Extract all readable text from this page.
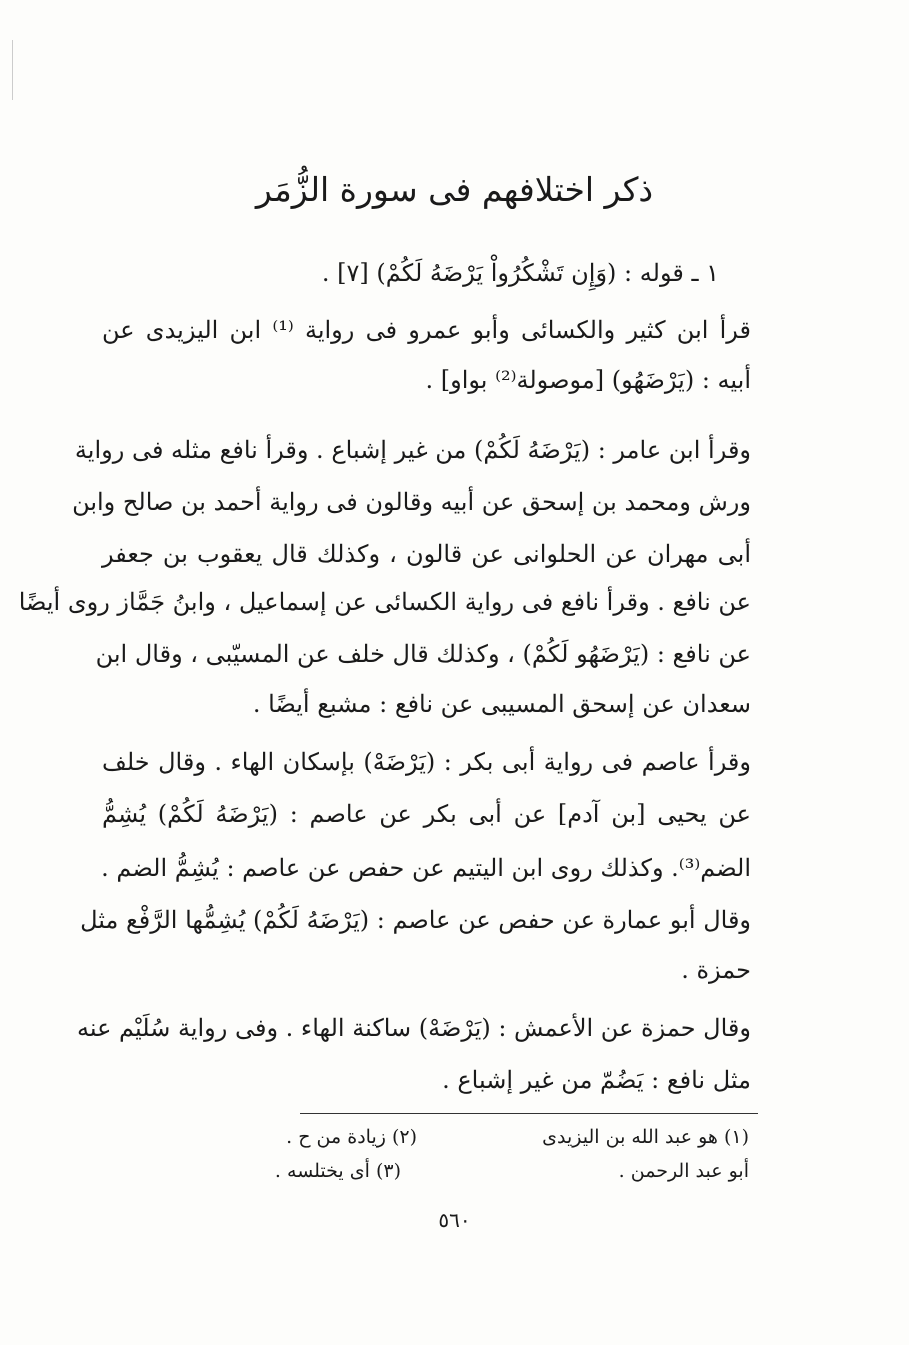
ذكر اختلافهم فى سورة الزُّمَر
١ ـ قوله : (وَإِن تَشْكُرُواْ يَرْضَهُ لَكُمْ) [٧] .
قرأ ابن كثير والكسائى وأبو عمرو فى رواية ⁽¹⁾ ابن اليزيدى عن
أبيه : (يَرْضَهُو) [موصولة⁽²⁾ بواو] .
وقرأ ابن عامر : (يَرْضَهُ لَكُمْ) من غير إشباع . وقرأ نافع مثله فى رواية
ورش ومحمد بن إسحق عن أبيه وقالون فى رواية أحمد بن صالح وابن
أبى مهران عن الحلوانى عن قالون ، وكذلك قال يعقوب بن جعفر
عن نافع . وقرأ نافع فى رواية الكسائى عن إسماعيل ، وابنُ جَمَّاز روى أيضًا
عن نافع : (يَرْضَهُو لَكُمْ) ، وكذلك قال خلف عن المسيّبى ، وقال ابن
سعدان عن إسحق المسيبى عن نافع : مشبع أيضًا .
وقرأ عاصم فى رواية أبى بكر : (يَرْضَهْ) بإسكان الهاء . وقال خلف
عن يحيى [بن آدم] عن أبى بكر عن عاصم : (يَرْضَهُ لَكُمْ) يُشِمُّ
الضم⁽³⁾. وكذلك روى ابن اليتيم عن حفص عن عاصم : يُشِمُّ الضم .
وقال أبو عمارة عن حفص عن عاصم : (يَرْضَهُ لَكُمْ) يُشِمُّها الرَّفْع مثل
حمزة .
وقال حمزة عن الأعمش : (يَرْضَهْ) ساكنة الهاء . وفى رواية سُلَيْم عنه
مثل نافع : يَضُمّ من غير إشباع .
(١) هو عبد الله بن اليزيدى
أبو عبد الرحمن .
(٢) زيادة من ح .
(٣) أى يختلسه .
٥٦٠
